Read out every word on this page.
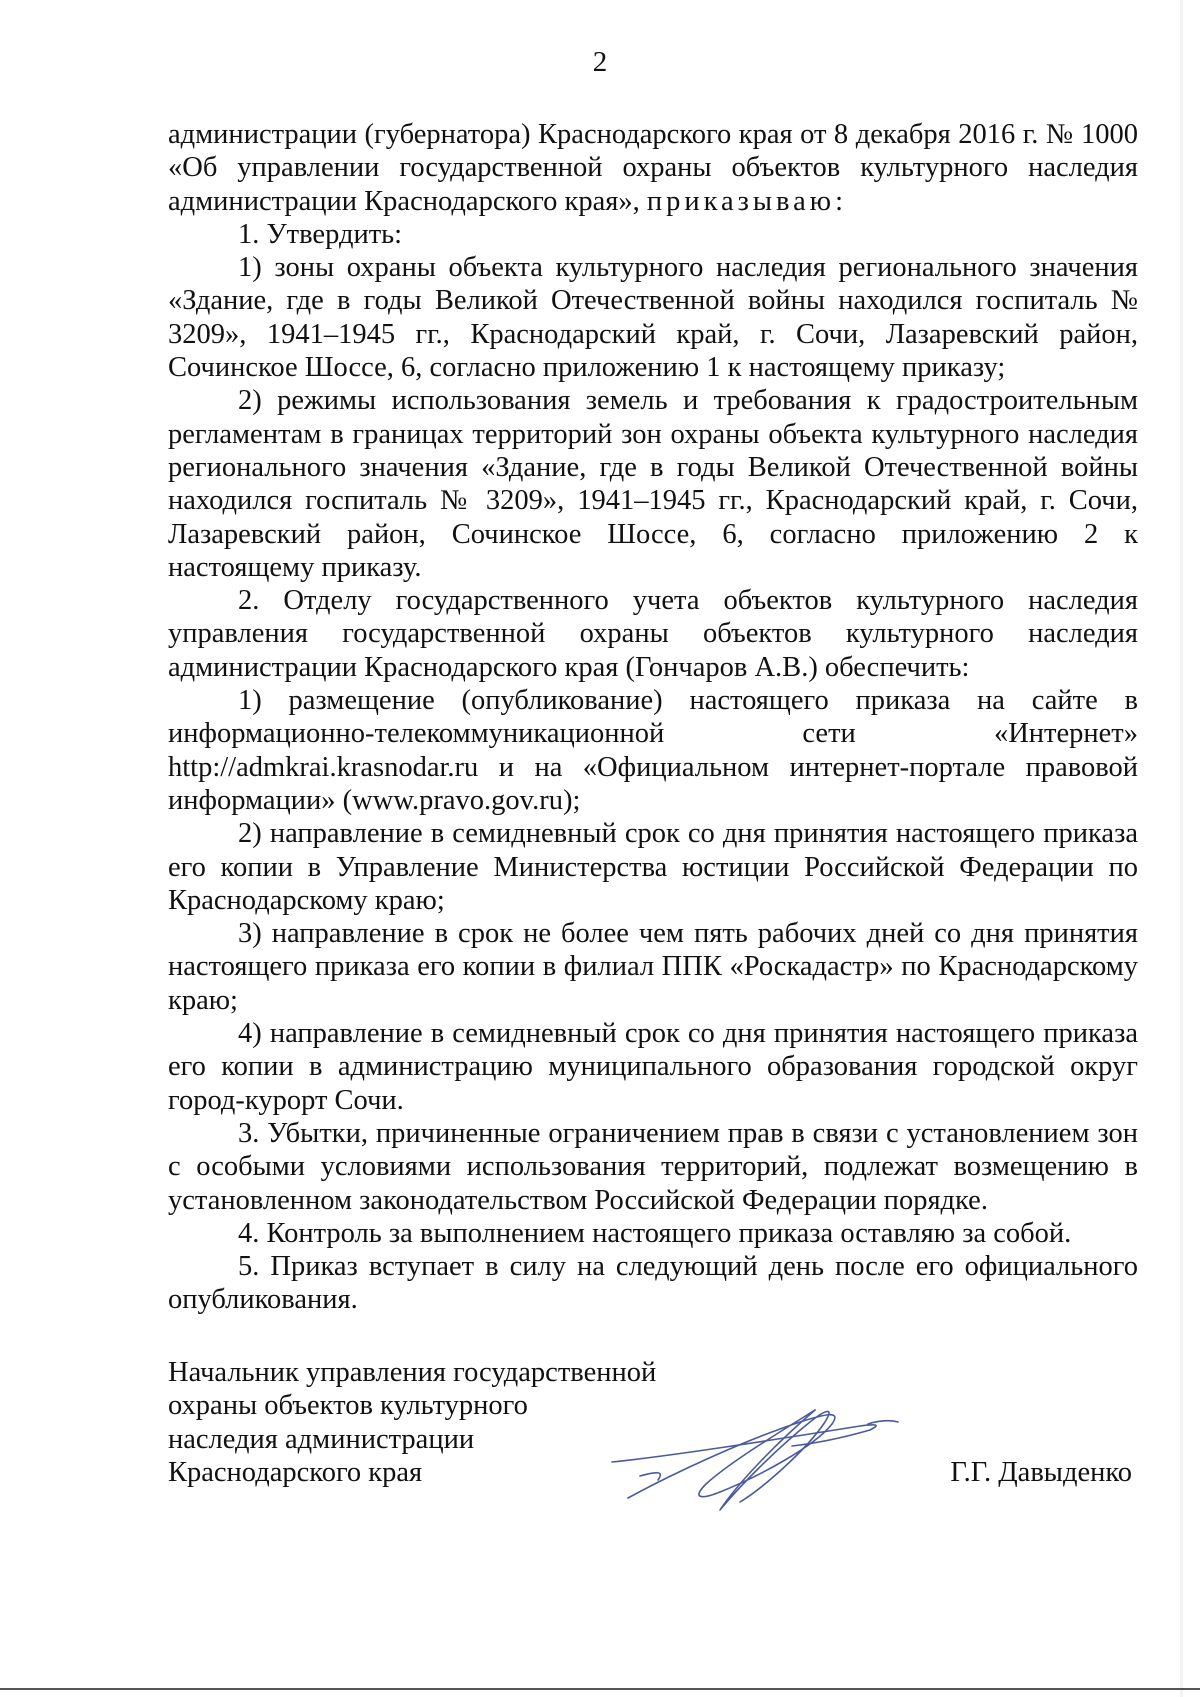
2

администрации (губернатора) Краснодарского края от 8 декабря 2016 г. № 1000 «Об управлении государственной охраны объектов культурного наследия администрации Краснодарского края», приказываю:

1. Утвердить:

1) зоны охраны объекта культурного наследия регионального значения «Здание, где в годы Великой Отечественной войны находился госпиталь № 3209», 1941–1945 гг., Краснодарский край, г. Сочи, Лазаревский район, Сочинское Шоссе, 6, согласно приложению 1 к настоящему приказу;

2) режимы использования земель и требования к градостроительным регламентам в границах территорий зон охраны объекта культурного наследия регионального значения «Здание, где в годы Великой Отечественной войны находился госпиталь № 3209», 1941–1945 гг., Краснодарский край, г. Сочи, Лазаревский район, Сочинское Шоссе, 6, согласно приложению 2 к настоящему приказу.

2. Отделу государственного учета объектов культурного наследия управления государственной охраны объектов культурного наследия администрации Краснодарского края (Гончаров А.В.) обеспечить:

1) размещение (опубликование) настоящего приказа на сайте в информационно-телекоммуникационной сети «Интернет» http://admkrai.krasnodar.ru и на «Официальном интернет-портале правовой информации» (www.pravo.gov.ru);

2) направление в семидневный срок со дня принятия настоящего приказа его копии в Управление Министерства юстиции Российской Федерации по Краснодарскому краю;

3) направление в срок не более чем пять рабочих дней со дня принятия настоящего приказа его копии в филиал ППК «Роскадастр» по Краснодарскому краю;

4) направление в семидневный срок со дня принятия настоящего приказа его копии в администрацию муниципального образования городской округ город-курорт Сочи.

3. Убытки, причиненные ограничением прав в связи с установлением зон с особыми условиями использования территорий, подлежат возмещению в установленном законодательством Российской Федерации порядке.

4. Контроль за выполнением настоящего приказа оставляю за собой.

5. Приказ вступает в силу на следующий день после его официального опубликования.

Начальник управления государственной
охраны объектов культурного
наследия администрации
Краснодарского края	Г.Г. Давыденко
